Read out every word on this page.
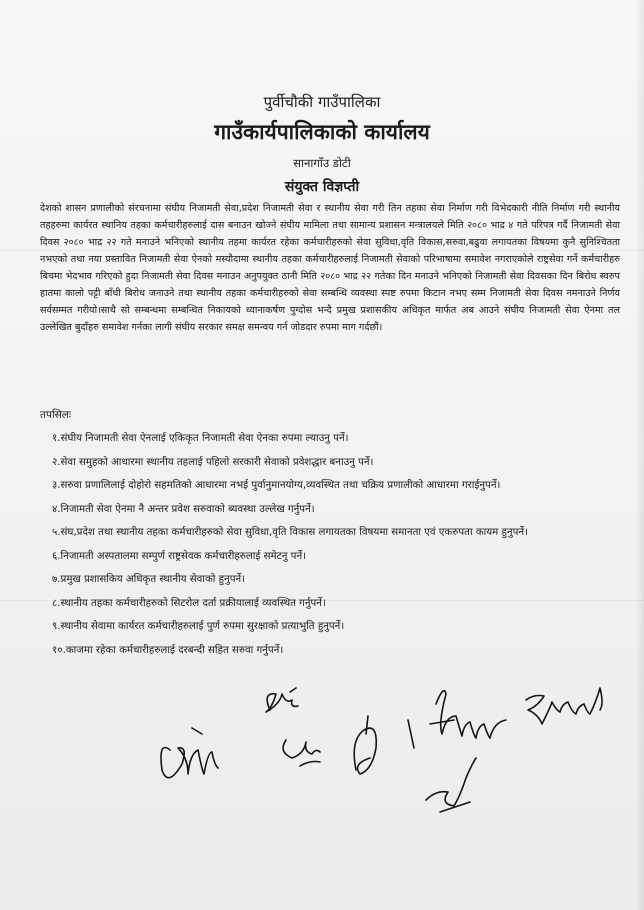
पुर्वीचौकी गाउँपालिका
गाउँकार्यपालिकाको कार्यालय
सानागाँउ डोटी
संयुक्त विज्ञप्ती

देशको शासन प्रणालीको संरचनामा संघीय निजामती सेवा,प्रदेश निजामती सेवा र स्थानीय सेवा गरी तिन तहका सेवा निर्माण गरी विभेदकारी नीति निर्माण गरी स्थानीय तहहरुमा कार्यरत स्थानिय तहका कर्मचारीहरुलाई दास बनाउन खोज्ने संघीय मामिला तथा सामान्य प्रशासन मन्त्रालयले मिति २०८० भाद्र ४ गते परिपत्र गर्दै निजामती सेवा दिवस २०८० भाद्र २२ गते मनाउने भनिएको स्थानीय तहमा कार्यरत रहेका कर्मचारीहरुको सेवा सुविधा,वृति विकास,सरुवा,बढुवा लगायतका विषयमा कुनै सुनिश्चितता नभएको तथा नया प्रस्तावित निजामती सेवा ऐनको मस्यौदामा स्थानीय तहका कर्मचारीहरुलाई निजामती सेवाको परिभाषामा समावेश नगराएकोले राष्ट्रसेवा गर्ने कर्मचारीहरु बिचमा भेदभाव गरिएको हुदा निजामती सेवा दिवस मनाउन अनुपयुक्त ठानी मिति २०८० भाद्र २२ गतेका दिन मनाउने भनिएको निजामती सेवा दिवसका दिन बिरोध स्वरुप हातमा कालो पट्टी बाँधी बिरोध जनाउने तथा स्थानीय तहका कर्मचारीहरुको सेवा सम्बन्धि व्यवस्था स्पष्ट रुपमा किटान नभए सम्म निजामती सेवा दिवस नमनाउने निर्णय सर्वसम्मत गरीयो।साथै सो सम्बन्धमा सम्बन्धित निकायको ध्यानाकर्षण पुग्दोस भन्दै प्रमुख प्रशासकीय अधिकृत मार्फत अब आउने संघीय निजामती सेवा ऐनमा तल उल्लेखित बुदाँहरु समावेश गर्नका लागी संघीय सरकार समक्ष समन्वय गर्न जोडदार रुपमा माग गर्दछौं।

तपसिलः

१.संघीय निजामती सेवा ऐनलाई एकिकृत निजामती सेवा ऐनका रुपमा ल्याउनु पर्ने।
२.सेवा समुहको आधारमा स्थानीय तहलाई पहिलो सरकारी सेवाको प्रवेशद्धार बनाउनु पर्ने।
३.सरुवा प्रणालिलाई दोहोरो सहमतिको आधारमा नभई पुर्वानुमानयोग्य,व्यवस्थित तथा चक्रिय प्रणालीको आधारमा गराईनुपर्ने।
४.निजामती सेवा ऐनमा नै अन्तर प्रवेश सरुवाको ब्यवस्था उल्लेख गर्नुपर्ने।
५.संघ,प्रदेश तथा स्थानीय तहका कर्मचारीहरुको सेवा सुविधा,वृति विकास लगायतका विषयमा समानता एवं एकरुपता कायम हुनुपर्ने।
६.निजामती अस्पतालमा सम्पुर्ण राष्ट्रसेवक कर्मचारीहरुलाई समेटनु पर्ने।
७.प्रमुख प्रशासकिय अधिकृत स्थानीय सेवाको हुनुपर्ने।
८.स्थानीय तहका कर्मचारीहरुको सिटरोल दर्ता प्रक्रीयालाई व्यवस्थित गर्नुपर्ने।
९.स्थानीय सेवामा कार्यरत कर्मचारीहरुलाई पुर्ण रुपमा सुरक्षाको प्रत्याभुति हुनुपर्ने।
१०.काजमा रहेका कर्मचारीहरुलाई दरबन्दी सहित सरुवा गर्नुपर्ने।
